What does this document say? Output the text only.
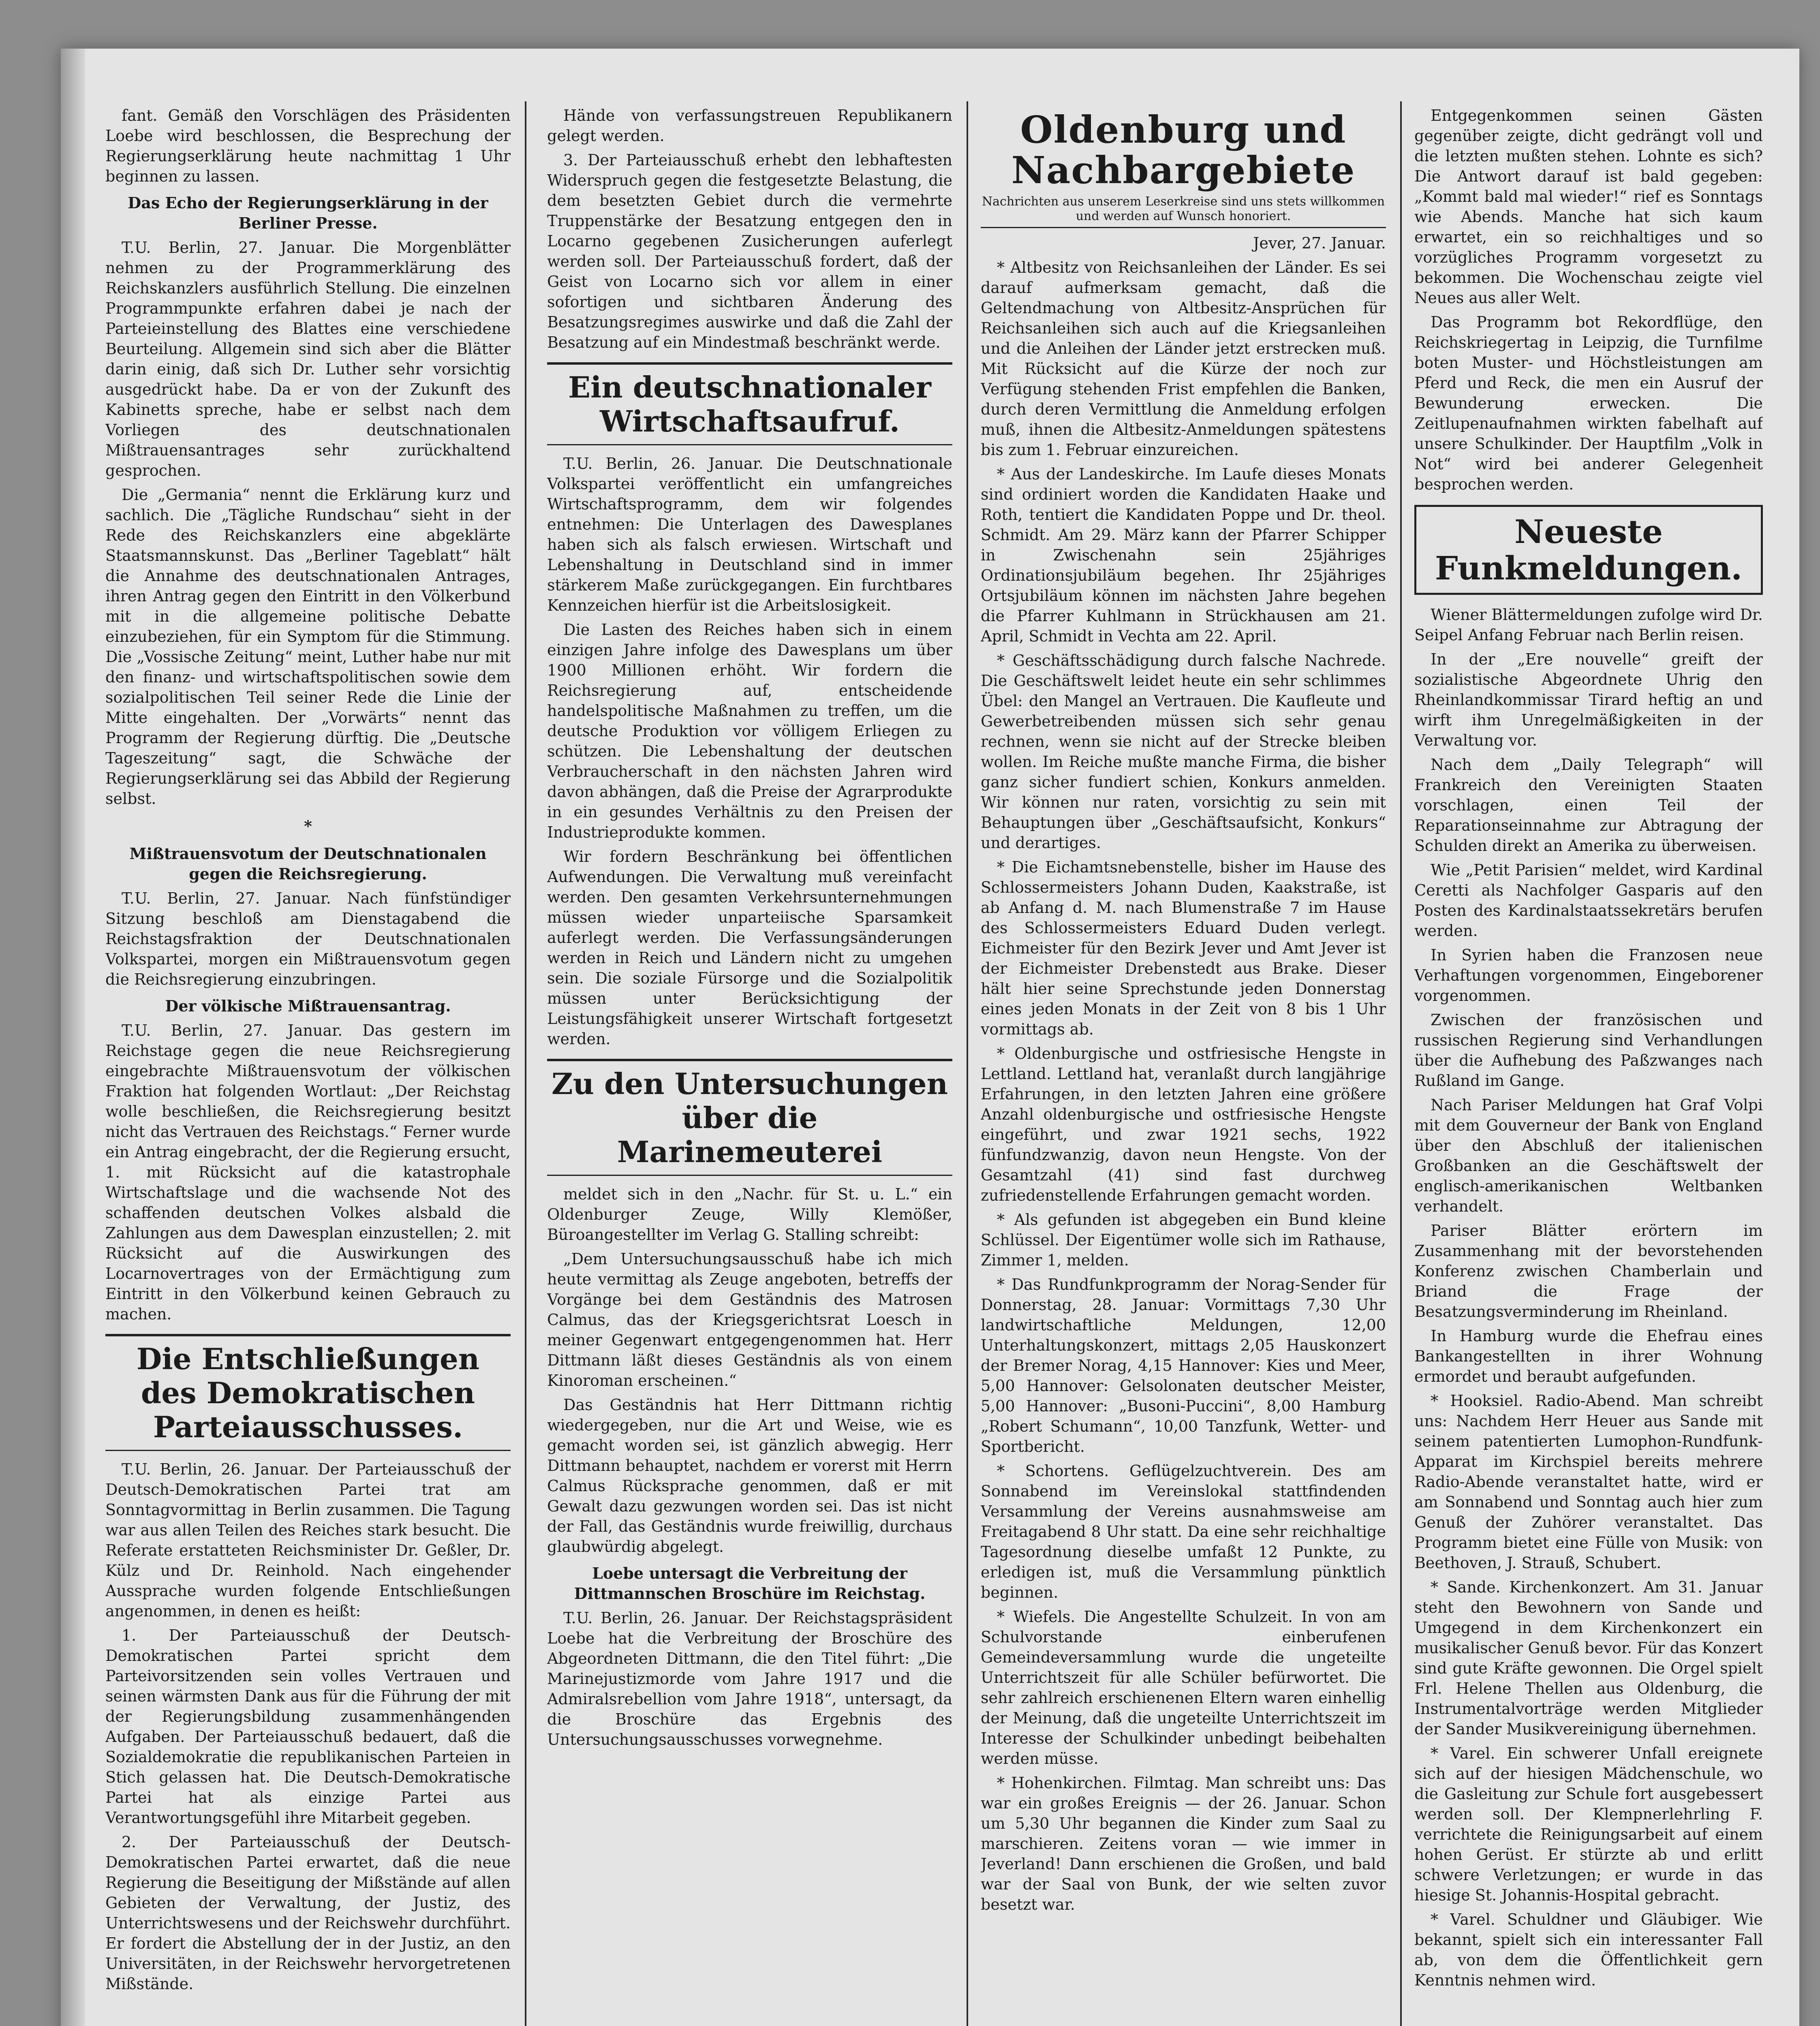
fant. Gemäß den Vorschlägen des Präsidenten Loebe wird beschlossen, die Besprechung der Regierungserklärung heute nachmittag 1 Uhr beginnen zu lassen.

Das Echo der Regierungserklärung in der Berliner Presse.

T.U. Berlin, 27. Januar. Die Morgenblätter nehmen zu der Programmerklärung des Reichskanzlers ausführlich Stellung. Die einzelnen Programmpunkte erfahren dabei je nach der Parteieinstellung des Blattes eine verschiedene Beurteilung. Allgemein sind sich aber die Blätter darin einig, daß sich Dr. Luther sehr vorsichtig ausgedrückt habe. Da er von der Zukunft des Kabinetts spreche, habe er selbst nach dem Vorliegen des deutschnationalen Mißtrauensantrages sehr zurückhaltend gesprochen.

Die „Germania“ nennt die Erklärung kurz und sachlich. Die „Tägliche Rundschau“ sieht in der Rede des Reichskanzlers eine abgeklärte Staatsmannskunst. Das „Berliner Tageblatt“ hält die Annahme des deutschnationalen Antrages, ihren Antrag gegen den Eintritt in den Völkerbund mit in die allgemeine politische Debatte einzubeziehen, für ein Symptom für die Stimmung. Die „Vossische Zeitung“ meint, Luther habe nur mit den finanz- und wirtschaftspolitischen sowie dem sozialpolitischen Teil seiner Rede die Linie der Mitte eingehalten. Der „Vorwärts“ nennt das Programm der Regierung dürftig. Die „Deutsche Tageszeitung“ sagt, die Schwäche der Regierungserklärung sei das Abbild der Regierung selbst.

*
Mißtrauensvotum der Deutschnationalen gegen die Reichsregierung.

T.U. Berlin, 27. Januar. Nach fünfstündiger Sitzung beschloß am Dienstagabend die Reichstagsfraktion der Deutschnationalen Volkspartei, morgen ein Mißtrauensvotum gegen die Reichsregierung einzubringen.

Der völkische Mißtrauensantrag.

T.U. Berlin, 27. Januar. Das gestern im Reichstage gegen die neue Reichsregierung eingebrachte Mißtrauensvotum der völkischen Fraktion hat folgenden Wortlaut: „Der Reichstag wolle beschließen, die Reichsregierung besitzt nicht das Vertrauen des Reichstags.“ Ferner wurde ein Antrag eingebracht, der die Regierung ersucht, 1. mit Rücksicht auf die katastrophale Wirtschaftslage und die wachsende Not des schaffenden deutschen Volkes alsbald die Zahlungen aus dem Dawesplan einzustellen; 2. mit Rücksicht auf die Auswirkungen des Locarnovertrages von der Ermächtigung zum Eintritt in den Völkerbund keinen Gebrauch zu machen.

Die Entschließungen des Demokratischen Parteiausschusses.

T.U. Berlin, 26. Januar. Der Parteiausschuß der Deutsch-Demokratischen Partei trat am Sonntagvormittag in Berlin zusammen. Die Tagung war aus allen Teilen des Reiches stark besucht. Die Referate erstatteten Reichsminister Dr. Geßler, Dr. Külz und Dr. Reinhold. Nach eingehender Aussprache wurden folgende Entschließungen angenommen, in denen es heißt:

1. Der Parteiausschuß der Deutsch-Demokratischen Partei spricht dem Parteivorsitzenden sein volles Vertrauen und seinen wärmsten Dank aus für die Führung der mit der Regierungsbildung zusammenhängenden Aufgaben. Der Parteiausschuß bedauert, daß die Sozialdemokratie die republikanischen Parteien in Stich gelassen hat. Die Deutsch-Demokratische Partei hat als einzige Partei aus Verantwortungsgefühl ihre Mitarbeit gegeben.

2. Der Parteiausschuß der Deutsch-Demokratischen Partei erwartet, daß die neue Regierung die Beseitigung der Mißstände auf allen Gebieten der Verwaltung, der Justiz, des Unterrichtswesens und der Reichswehr durchführt. Er fordert die Abstellung der in der Justiz, an den Universitäten, in der Reichswehr hervorgetretenen Mißstände.

Hände von verfassungstreuen Republikanern gelegt werden.

3. Der Parteiausschuß erhebt den lebhaftesten Widerspruch gegen die festgesetzte Belastung, die dem besetzten Gebiet durch die vermehrte Truppenstärke der Besatzung entgegen den in Locarno gegebenen Zusicherungen auferlegt werden soll. Der Parteiausschuß fordert, daß der Geist von Locarno sich vor allem in einer sofortigen und sichtbaren Änderung des Besatzungsregimes auswirke und daß die Zahl der Besatzung auf ein Mindestmaß beschränkt werde.

Ein deutschnationaler Wirtschaftsaufruf.

T.U. Berlin, 26. Januar. Die Deutschnationale Volkspartei veröffentlicht ein umfangreiches Wirtschaftsprogramm, dem wir folgendes entnehmen: Die Unterlagen des Dawesplanes haben sich als falsch erwiesen. Wirtschaft und Lebenshaltung in Deutschland sind in immer stärkerem Maße zurückgegangen. Ein furchtbares Kennzeichen hierfür ist die Arbeitslosigkeit.

Die Lasten des Reiches haben sich in einem einzigen Jahre infolge des Dawesplans um über 1900 Millionen erhöht. Wir fordern die Reichsregierung auf, entscheidende handelspolitische Maßnahmen zu treffen, um die deutsche Produktion vor völligem Erliegen zu schützen. Die Lebenshaltung der deutschen Verbraucherschaft in den nächsten Jahren wird davon abhängen, daß die Preise der Agrarprodukte in ein gesundes Verhältnis zu den Preisen der Industrieprodukte kommen.

Wir fordern Beschränkung bei öffentlichen Aufwendungen. Die Verwaltung muß vereinfacht werden. Den gesamten Verkehrsunternehmungen müssen wieder unparteiische Sparsamkeit auferlegt werden. Die Verfassungsänderungen werden in Reich und Ländern nicht zu umgehen sein. Die soziale Fürsorge und die Sozialpolitik müssen unter Berücksichtigung der Leistungsfähigkeit unserer Wirtschaft fortgesetzt werden.

Zu den Untersuchungen über die Marinemeuterei

meldet sich in den „Nachr. für St. u. L.“ ein Oldenburger Zeuge, Willy Klemößer, Büroangestellter im Verlag G. Stalling schreibt:

„Dem Untersuchungsausschuß habe ich mich heute vermittag als Zeuge angeboten, betreffs der Vorgänge bei dem Geständnis des Matrosen Calmus, das der Kriegsgerichtsrat Loesch in meiner Gegenwart entgegengenommen hat. Herr Dittmann läßt dieses Geständnis als von einem Kinoroman erscheinen.“

Das Geständnis hat Herr Dittmann richtig wiedergegeben, nur die Art und Weise, wie es gemacht worden sei, ist gänzlich abwegig. Herr Dittmann behauptet, nachdem er vorerst mit Herrn Calmus Rücksprache genommen, daß er mit Gewalt dazu gezwungen worden sei. Das ist nicht der Fall, das Geständnis wurde freiwillig, durchaus glaubwürdig abgelegt.

Loebe untersagt die Verbreitung der Dittmannschen Broschüre im Reichstag.

T.U. Berlin, 26. Januar. Der Reichstagspräsident Loebe hat die Verbreitung der Broschüre des Abgeordneten Dittmann, die den Titel führt: „Die Marinejustizmorde vom Jahre 1917 und die Admiralsrebellion vom Jahre 1918“, untersagt, da die Broschüre das Ergebnis des Untersuchungsausschusses vorwegnehme.

Oldenburg und Nachbargebiete
Nachrichten aus unserem Leserkreise sind uns stets willkommen und werden auf Wunsch honoriert.
Jever, 27. Januar.

* Altbesitz von Reichsanleihen der Länder. Es sei darauf aufmerksam gemacht, daß die Geltendmachung von Altbesitz-Ansprüchen für Reichsanleihen sich auch auf die Kriegsanleihen und die Anleihen der Länder jetzt erstrecken muß. Mit Rücksicht auf die Kürze der noch zur Verfügung stehenden Frist empfehlen die Banken, durch deren Vermittlung die Anmeldung erfolgen muß, ihnen die Altbesitz-Anmeldungen spätestens bis zum 1. Februar einzureichen.

* Aus der Landeskirche. Im Laufe dieses Monats sind ordiniert worden die Kandidaten Haake und Roth, tentiert die Kandidaten Poppe und Dr. theol. Schmidt. Am 29. März kann der Pfarrer Schipper in Zwischenahn sein 25jähriges Ordinationsjubiläum begehen. Ihr 25jähriges Ortsjubiläum können im nächsten Jahre begehen die Pfarrer Kuhlmann in Strückhausen am 21. April, Schmidt in Vechta am 22. April.

* Geschäftsschädigung durch falsche Nachrede. Die Geschäftswelt leidet heute ein sehr schlimmes Übel: den Mangel an Vertrauen. Die Kaufleute und Gewerbetreibenden müssen sich sehr genau rechnen, wenn sie nicht auf der Strecke bleiben wollen. Im Reiche mußte manche Firma, die bisher ganz sicher fundiert schien, Konkurs anmelden. Wir können nur raten, vorsichtig zu sein mit Behauptungen über „Geschäftsaufsicht, Konkurs“ und derartiges.

* Die Eichamtsnebenstelle, bisher im Hause des Schlossermeisters Johann Duden, Kaakstraße, ist ab Anfang d. M. nach Blumenstraße 7 im Hause des Schlossermeisters Eduard Duden verlegt. Eichmeister für den Bezirk Jever und Amt Jever ist der Eichmeister Drebenstedt aus Brake. Dieser hält hier seine Sprechstunde jeden Donnerstag eines jeden Monats in der Zeit von 8 bis 1 Uhr vormittags ab.

* Oldenburgische und ostfriesische Hengste in Lettland. Lettland hat, veranlaßt durch langjährige Erfahrungen, in den letzten Jahren eine größere Anzahl oldenburgische und ostfriesische Hengste eingeführt, und zwar 1921 sechs, 1922 fünfundzwanzig, davon neun Hengste. Von der Gesamtzahl (41) sind fast durchweg zufriedenstellende Erfahrungen gemacht worden.

* Als gefunden ist abgegeben ein Bund kleine Schlüssel. Der Eigentümer wolle sich im Rathause, Zimmer 1, melden.

* Das Rundfunkprogramm der Norag-Sender für Donnerstag, 28. Januar: Vormittags 7,30 Uhr landwirtschaftliche Meldungen, 12,00 Unterhaltungskonzert, mittags 2,05 Hauskonzert der Bremer Norag, 4,15 Hannover: Kies und Meer, 5,00 Hannover: Gelsolonaten deutscher Meister, 5,00 Hannover: „Busoni-Puccini“, 8,00 Hamburg „Robert Schumann“, 10,00 Tanzfunk, Wetter- und Sportbericht.

* Schortens. Geflügelzuchtverein. Des am Sonnabend im Vereinslokal stattfindenden Versammlung der Vereins ausnahmsweise am Freitagabend 8 Uhr statt. Da eine sehr reichhaltige Tagesordnung dieselbe umfaßt 12 Punkte, zu erledigen ist, muß die Versammlung pünktlich beginnen.

* Wiefels. Die Angestellte Schulzeit. In von am Schulvorstande einberufenen Gemeindeversammlung wurde die ungeteilte Unterrichtszeit für alle Schüler befürwortet. Die sehr zahlreich erschienenen Eltern waren einhellig der Meinung, daß die ungeteilte Unterrichtszeit im Interesse der Schulkinder unbedingt beibehalten werden müsse.

* Hohenkirchen. Filmtag. Man schreibt uns: Das war ein großes Ereignis — der 26. Januar. Schon um 5,30 Uhr begannen die Kinder zum Saal zu marschieren. Zeitens voran — wie immer in Jeverland! Dann erschienen die Großen, und bald war der Saal von Bunk, der wie selten zuvor besetzt war.

Entgegenkommen seinen Gästen gegenüber zeigte, dicht gedrängt voll und die letzten mußten stehen. Lohnte es sich? Die Antwort darauf ist bald gegeben: „Kommt bald mal wieder!“ rief es Sonntags wie Abends. Manche hat sich kaum erwartet, ein so reichhaltiges und so vorzügliches Programm vorgesetzt zu bekommen. Die Wochenschau zeigte viel Neues aus aller Welt.

Das Programm bot Rekordflüge, den Reichskriegertag in Leipzig, die Turnfilme boten Muster- und Höchstleistungen am Pferd und Reck, die men ein Ausruf der Bewunderung erwecken. Die Zeitlupenaufnahmen wirkten fabelhaft auf unsere Schulkinder. Der Hauptfilm „Volk in Not“ wird bei anderer Gelegenheit besprochen werden.

Neueste Funkmeldungen.

Wiener Blättermeldungen zufolge wird Dr. Seipel Anfang Februar nach Berlin reisen.

In der „Ere nouvelle“ greift der sozialistische Abgeordnete Uhrig den Rheinlandkommissar Tirard heftig an und wirft ihm Unregelmäßigkeiten in der Verwaltung vor.

Nach dem „Daily Telegraph“ will Frankreich den Vereinigten Staaten vorschlagen, einen Teil der Reparationseinnahme zur Abtragung der Schulden direkt an Amerika zu überweisen.

Wie „Petit Parisien“ meldet, wird Kardinal Ceretti als Nachfolger Gasparis auf den Posten des Kardinalstaatssekretärs berufen werden.

In Syrien haben die Franzosen neue Verhaftungen vorgenommen, Eingeborener vorgenommen.

Zwischen der französischen und russischen Regierung sind Verhandlungen über die Aufhebung des Paßzwanges nach Rußland im Gange.

Nach Pariser Meldungen hat Graf Volpi mit dem Gouverneur der Bank von England über den Abschluß der italienischen Großbanken an die Geschäftswelt der englisch-amerikanischen Weltbanken verhandelt.

Pariser Blätter erörtern im Zusammenhang mit der bevorstehenden Konferenz zwischen Chamberlain und Briand die Frage der Besatzungsverminderung im Rheinland.

In Hamburg wurde die Ehefrau eines Bankangestellten in ihrer Wohnung ermordet und beraubt aufgefunden.

* Hooksiel. Radio-Abend. Man schreibt uns: Nachdem Herr Heuer aus Sande mit seinem patentierten Lumophon-Rundfunk-Apparat im Kirchspiel bereits mehrere Radio-Abende veranstaltet hatte, wird er am Sonnabend und Sonntag auch hier zum Genuß der Zuhörer veranstaltet. Das Programm bietet eine Fülle von Musik: von Beethoven, J. Strauß, Schubert.

* Sande. Kirchenkonzert. Am 31. Januar steht den Bewohnern von Sande und Umgegend in dem Kirchenkonzert ein musikalischer Genuß bevor. Für das Konzert sind gute Kräfte gewonnen. Die Orgel spielt Frl. Helene Thellen aus Oldenburg, die Instrumentalvorträge werden Mitglieder der Sander Musikvereinigung übernehmen.

* Varel. Ein schwerer Unfall ereignete sich auf der hiesigen Mädchenschule, wo die Gasleitung zur Schule fort ausgebessert werden soll. Der Klempnerlehrling F. verrichtete die Reinigungsarbeit auf einem hohen Gerüst. Er stürzte ab und erlitt schwere Verletzungen; er wurde in das hiesige St. Johannis-Hospital gebracht.

* Varel. Schuldner und Gläubiger. Wie bekannt, spielt sich ein interessanter Fall ab, von dem die Öffentlichkeit gern Kenntnis nehmen wird.
